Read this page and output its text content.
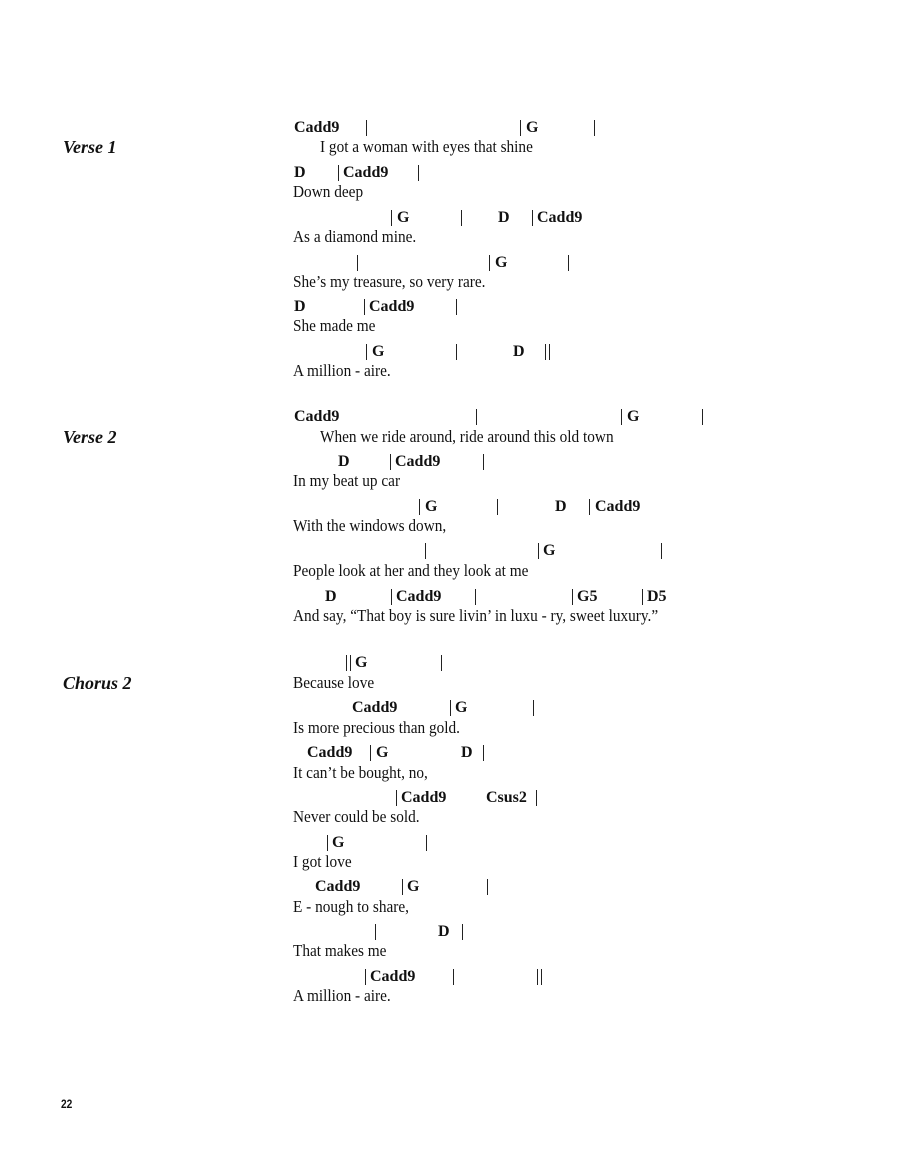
Verse 1
Cadd9	G
I got a woman with eyes that shine
D Cadd9
Down deep
G	D Cadd9
As a diamond mine.
G
She’s my treasure, so very rare.
D	Cadd9
She made me
G	D
A million - aire.
Verse 2
Cadd9	G
When we ride around, ride around this old town
D	Cadd9
In my beat up car
G	D Cadd9
With the windows down,
G
People look at her and they look at me
D	Cadd9	G5	D5
And say, “That boy is sure livin’ in luxu - ry, sweet luxury.”
Chorus 2
G
Because love
Cadd9	G
Is more precious than gold.
Cadd9 G	D
It can’t be bought, no,
Cadd9 Csus2
Never could be sold.
G
I got love
Cadd9	G
E - nough to share,
D
That makes me
Cadd9
A million - aire.
22
